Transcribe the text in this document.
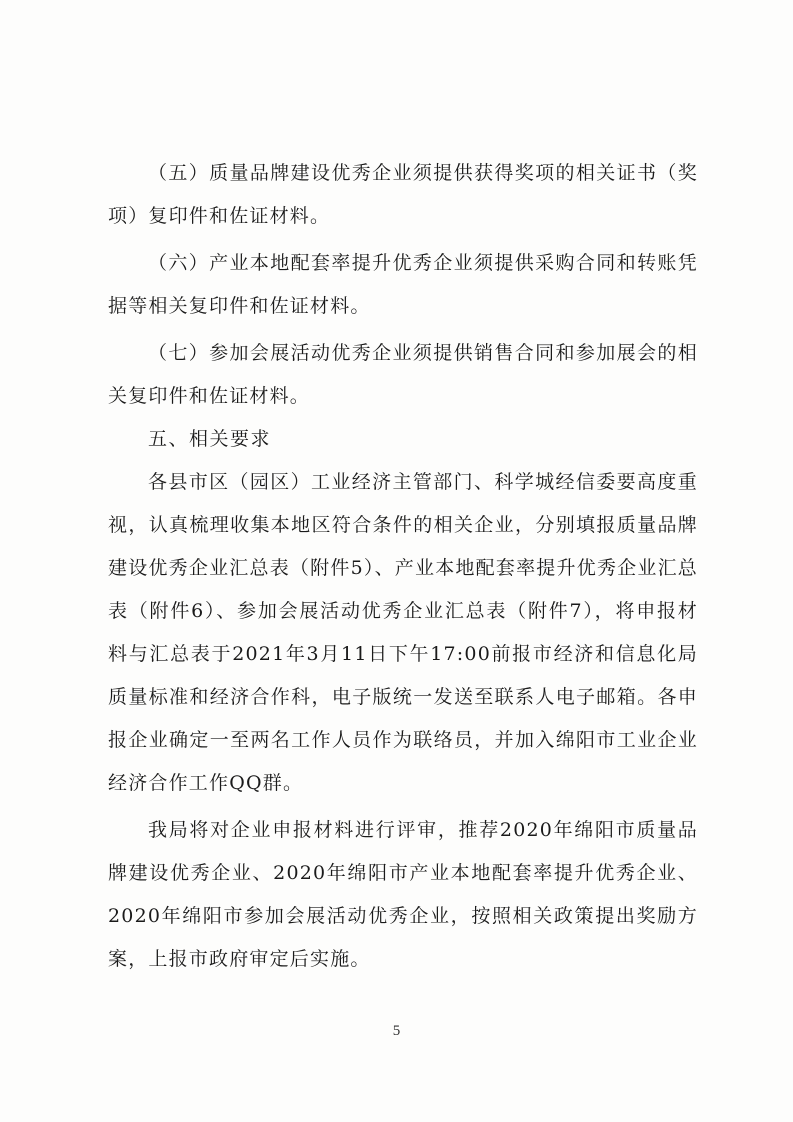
（五）质量品牌建设优秀企业须提供获得奖项的相关证书（奖项）复印件和佐证材料。

（六）产业本地配套率提升优秀企业须提供采购合同和转账凭据等相关复印件和佐证材料。

（七）参加会展活动优秀企业须提供销售合同和参加展会的相关复印件和佐证材料。

五、相关要求

各县市区（园区）工业经济主管部门、科学城经信委要高度重视，认真梳理收集本地区符合条件的相关企业，分别填报质量品牌建设优秀企业汇总表（附件5）、产业本地配套率提升优秀企业汇总表（附件6）、参加会展活动优秀企业汇总表（附件7），将申报材料与汇总表于2021年3月11日下午17:00前报市经济和信息化局质量标准和经济合作科，电子版统一发送至联系人电子邮箱。各申报企业确定一至两名工作人员作为联络员，并加入绵阳市工业企业经济合作工作QQ群。

我局将对企业申报材料进行评审，推荐2020年绵阳市质量品牌建设优秀企业、2020年绵阳市产业本地配套率提升优秀企业、2020年绵阳市参加会展活动优秀企业，按照相关政策提出奖励方案，上报市政府审定后实施。

5
